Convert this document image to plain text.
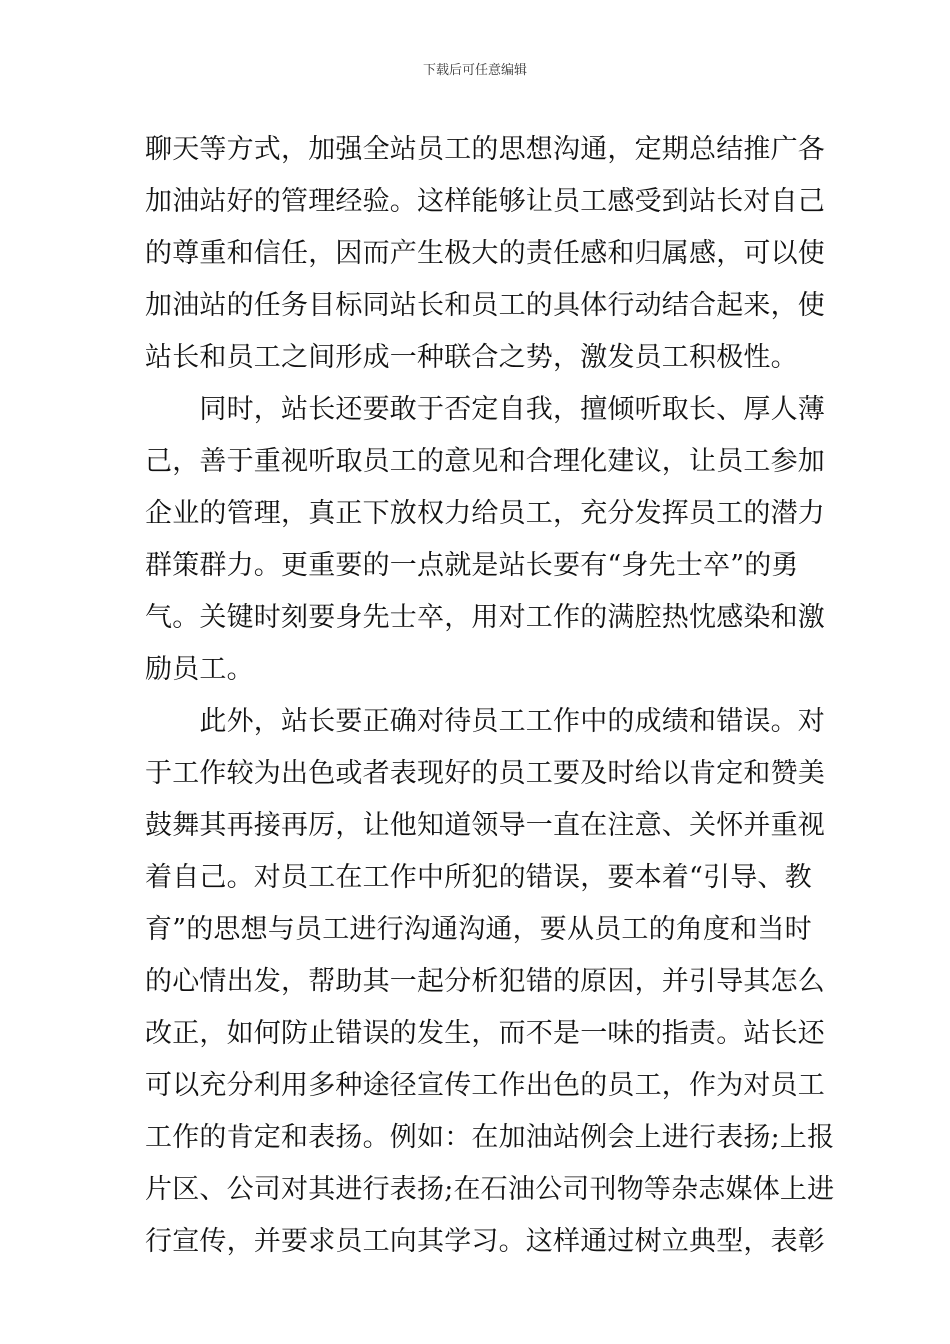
下载后可任意编辑
聊天等方式，加强全站员工的思想沟通，定期总结推广各
加油站好的管理经验。这样能够让员工感受到站长对自己
的尊重和信任，因而产生极大的责任感和归属感，可以使
加油站的任务目标同站长和员工的具体行动结合起来，使
站长和员工之间形成一种联合之势，激发员工积极性。
　　同时，站长还要敢于否定自我，擅倾听取长、厚人薄
己，善于重视听取员工的意见和合理化建议，让员工参加
企业的管理，真正下放权力给员工，充分发挥员工的潜力
群策群力。更重要的一点就是站长要有“身先士卒”的勇
气。关键时刻要身先士卒，用对工作的满腔热忱感染和激
励员工。
　　此外，站长要正确对待员工工作中的成绩和错误。对
于工作较为出色或者表现好的员工要及时给以肯定和赞美
鼓舞其再接再厉，让他知道领导一直在注意、关怀并重视
着自己。对员工在工作中所犯的错误，要本着“引导、教
育”的思想与员工进行沟通沟通，要从员工的角度和当时
的心情出发，帮助其一起分析犯错的原因，并引导其怎么
改正，如何防止错误的发生，而不是一味的指责。站长还
可以充分利用多种途径宣传工作出色的员工，作为对员工
工作的肯定和表扬。例如：在加油站例会上进行表扬;上报
片区、公司对其进行表扬;在石油公司刊物等杂志媒体上进
行宣传，并要求员工向其学习。这样通过树立典型，表彰
